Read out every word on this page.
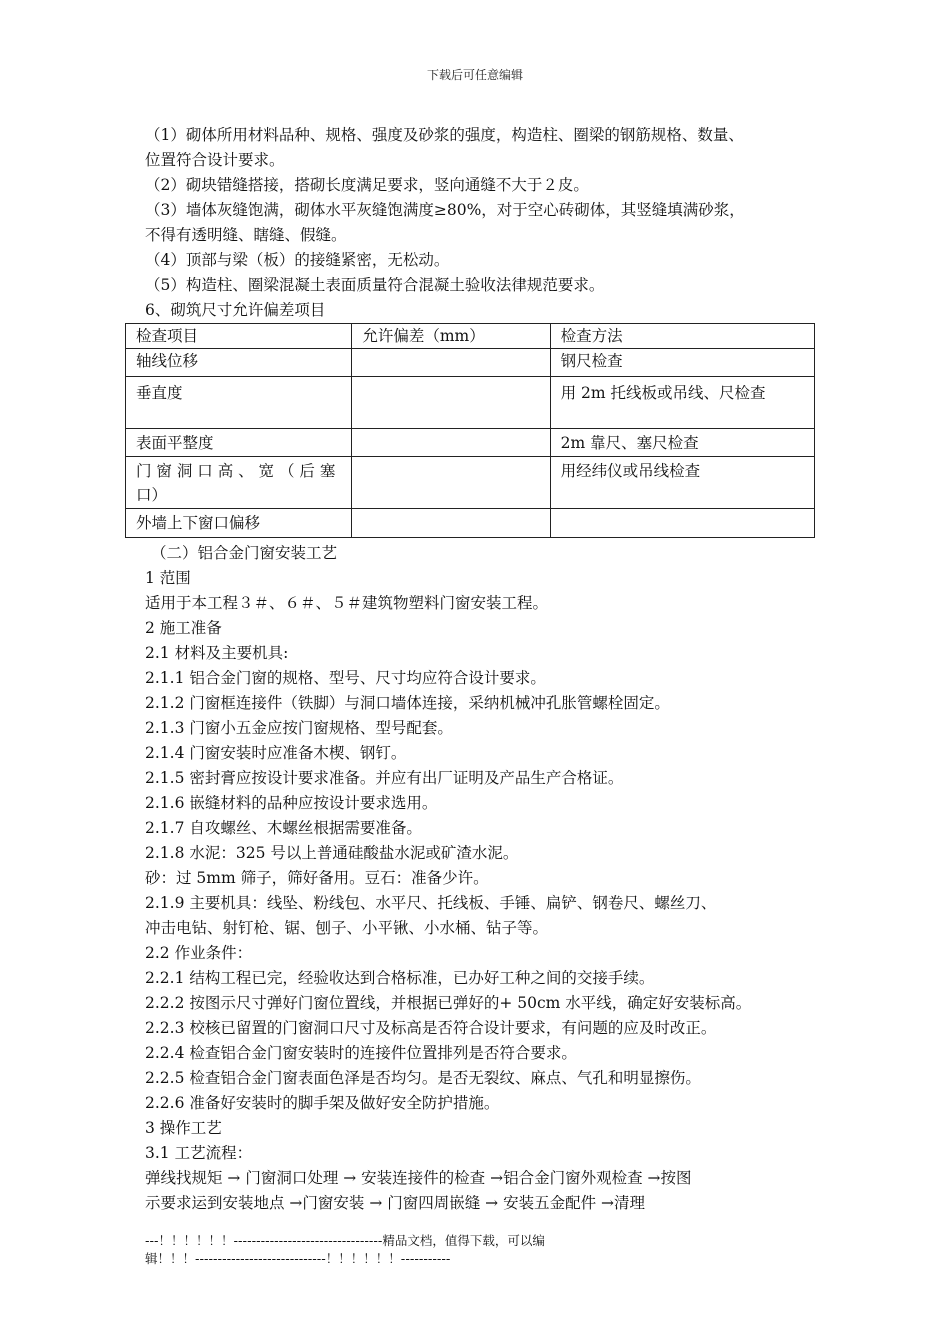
下载后可任意编辑
（1）砌体所用材料品种、规格、强度及砂浆的强度，构造柱、圈梁的钢筋规格、数量、
位置符合设计要求。
（2）砌块错缝搭接，搭砌长度满足要求，竖向通缝不大于２皮。
（3）墙体灰缝饱满，砌体水平灰缝饱满度≥80%，对于空心砖砌体，其竖缝填满砂浆，
不得有透明缝、瞎缝、假缝。
（4）顶部与梁（板）的接缝紧密，无松动。
（5）构造柱、圈梁混凝土表面质量符合混凝土验收法律规范要求。
6、砌筑尺寸允许偏差项目
检查项目	允许偏差（mm）	检查方法
轴线位移		钢尺检查
垂直度		用 2m 托线板或吊线、尺检查
表面平整度		2m 靠尺、塞尺检查
门 窗 洞 口 高 、 宽 （ 后 塞 口）		用经纬仪或吊线检查
外墙上下窗口偏移		
（二）铝合金门窗安装工艺
1 范围
适用于本工程３＃、６＃、５＃建筑物塑料门窗安装工程。
2 施工准备
2.1 材料及主要机具:
2.1.1 铝合金门窗的规格、型号、尺寸均应符合设计要求。
2.1.2 门窗框连接件（铁脚）与洞口墙体连接，采纳机械冲孔胀管螺栓固定。
2.1.3 门窗小五金应按门窗规格、型号配套。
2.1.4 门窗安装时应准备木楔、钢钉。
2.1.5 密封膏应按设计要求准备。并应有出厂证明及产品生产合格证。
2.1.6 嵌缝材料的品种应按设计要求选用。
2.1.7 自攻螺丝、木螺丝根据需要准备。
2.1.8 水泥：325 号以上普通硅酸盐水泥或矿渣水泥。
砂：过 5mm 筛子，筛好备用。豆石：准备少许。
2.1.9 主要机具：线坠、粉线包、水平尺、托线板、手锤、扁铲、钢卷尺、螺丝刀、
冲击电钻、射钉枪、锯、刨子、小平锹、小水桶、钻子等。
2.2 作业条件：
2.2.1 结构工程已完，经验收达到合格标准，已办好工种之间的交接手续。
2.2.2 按图示尺寸弹好门窗位置线，并根据已弹好的+ 50cm 水平线，确定好安装标高。
2.2.3 校核已留置的门窗洞口尺寸及标高是否符合设计要求，有问题的应及时改正。
2.2.4 检查铝合金门窗安装时的连接件位置排列是否符合要求。
2.2.5 检查铝合金门窗表面色泽是否均匀。是否无裂纹、麻点、气孔和明显擦伤。
2.2.6 准备好安装时的脚手架及做好安全防护措施。
3 操作工艺
3.1 工艺流程：
弹线找规矩 → 门窗洞口处理 → 安装连接件的检查 →铝合金门窗外观检查 →按图
示要求运到安装地点 →门窗安装 → 门窗四周嵌缝 → 安装五金配件 →清理
---！！！！！！---------------------------------精品文档，值得下载，可以编
辑！！！-----------------------------！！！！！！-----------
